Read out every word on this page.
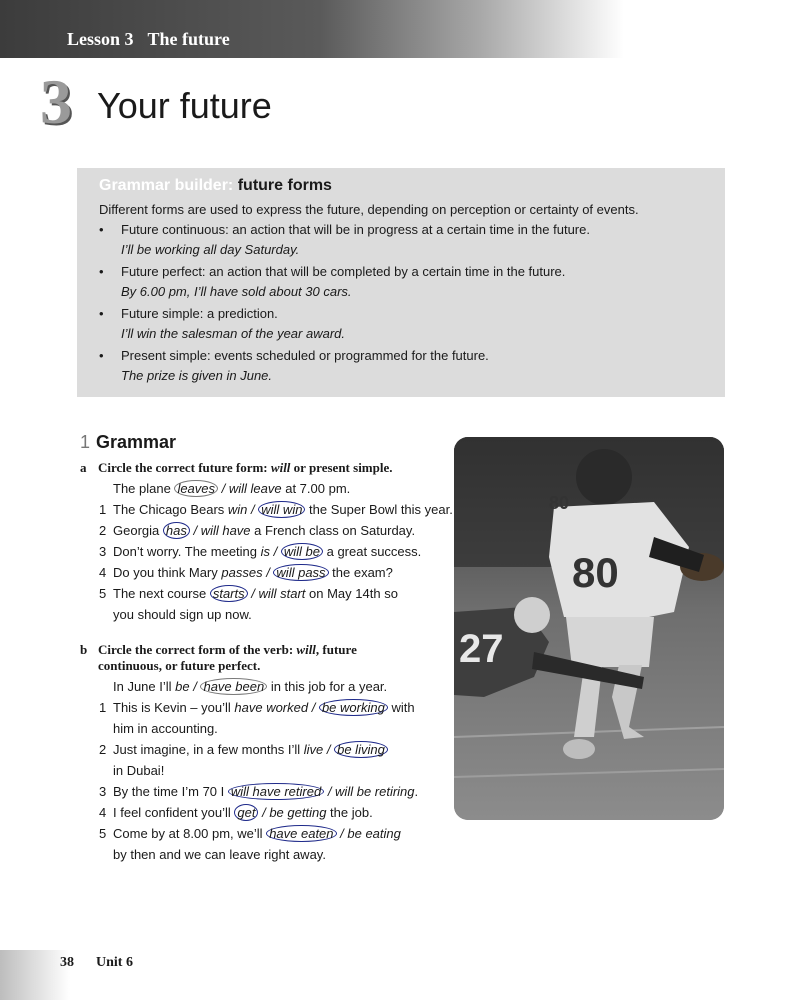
Lesson 3 The future
3 Your future
Grammar builder: future forms
Different forms are used to express the future, depending on perception or certainty of events.
• Future continuous: an action that will be in progress at a certain time in the future.
I’ll be working all day Saturday.
• Future perfect: an action that will be completed by a certain time in the future.
By 6.00 pm, I’ll have sold about 30 cars.
• Future simple: a prediction.
I’ll win the salesman of the year award.
• Present simple: events scheduled or programmed for the future.
The prize is given in June.
1 Grammar
a Circle the correct future form: will or present simple.
The plane leaves / will leave at 7.00 pm.
1 The Chicago Bears win / will win the Super Bowl this year.
2 Georgia has / will have a French class on Saturday.
3 Don’t worry. The meeting is / will be a great success.
4 Do you think Mary passes / will pass the exam?
5 The next course starts / will start on May 14th so
you should sign up now.
b Circle the correct form of the verb: will, future
continuous, or future perfect.
In June I’ll be / have been in this job for a year.
1 This is Kevin – you’ll have worked / be working with
him in accounting.
2 Just imagine, in a few months I’ll live / be living
in Dubai!
3 By the time I’m 70 I will have retired / will be retiring.
4 I feel confident you’ll get / be getting the job.
5 Come by at 8.00 pm, we’ll have eaten / be eating
by then and we can leave right away.
80
80
27
38 Unit 6
